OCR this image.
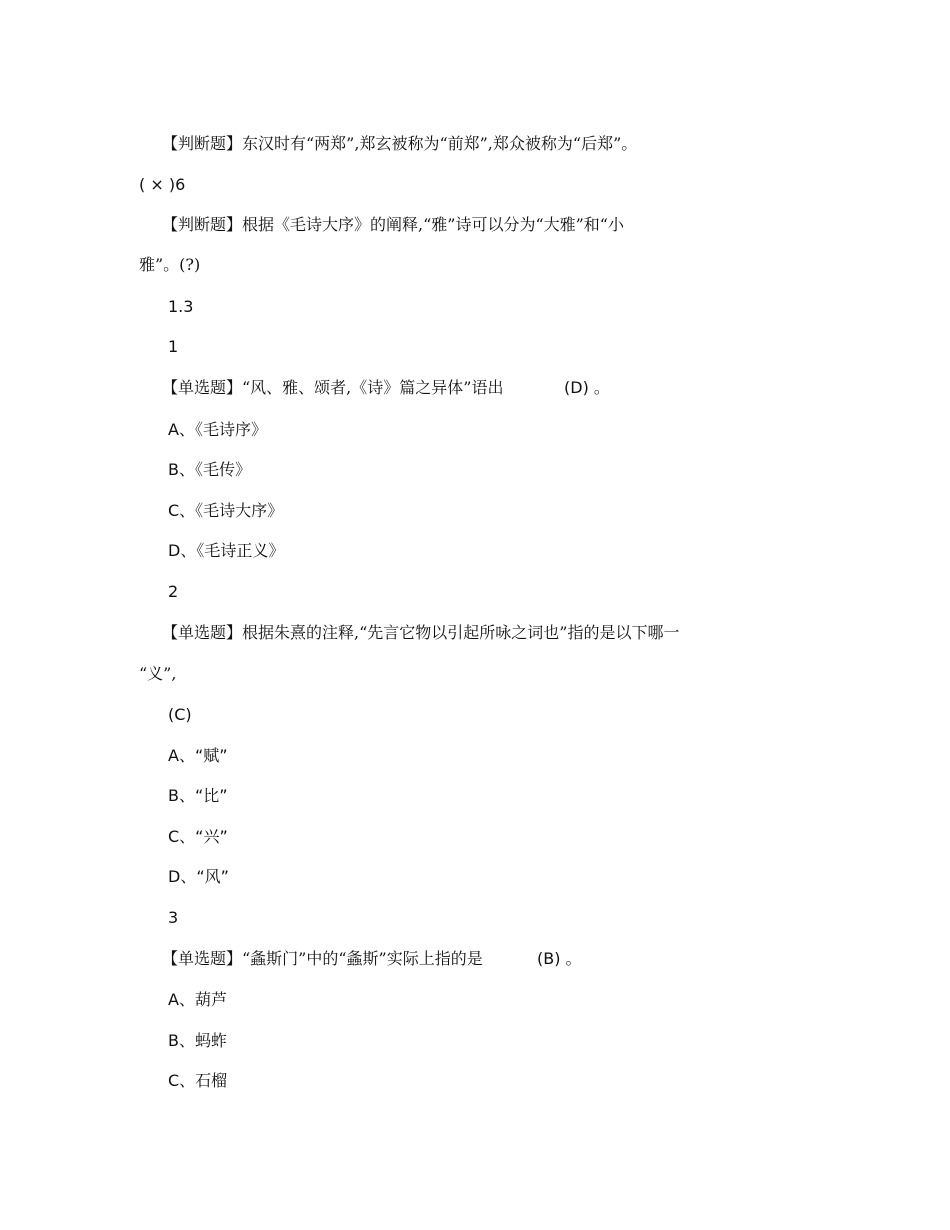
【判断题】东汉时有“两郑”,郑玄被称为“前郑”,郑众被称为“后郑”。
( × )6
【判断题】根据《毛诗大序》的阐释,“雅”诗可以分为“大雅”和“小
雅”。(?)
1.3
1
【单选题】“风、雅、颂者,《诗》篇之异体”语出	(D) 。
A、《毛诗序》
B、《毛传》
C、《毛诗大序》
D、《毛诗正义》
2
【单选题】根据朱熹的注释,“先言它物以引起所咏之词也”指的是以下哪一
“义”,
(C)
A、“赋”
B、“比”
C、“兴”
D、“风”
3
【单选题】“螽斯门”中的“螽斯”实际上指的是	(B) 。
A、葫芦
B、蚂蚱
C、石榴
